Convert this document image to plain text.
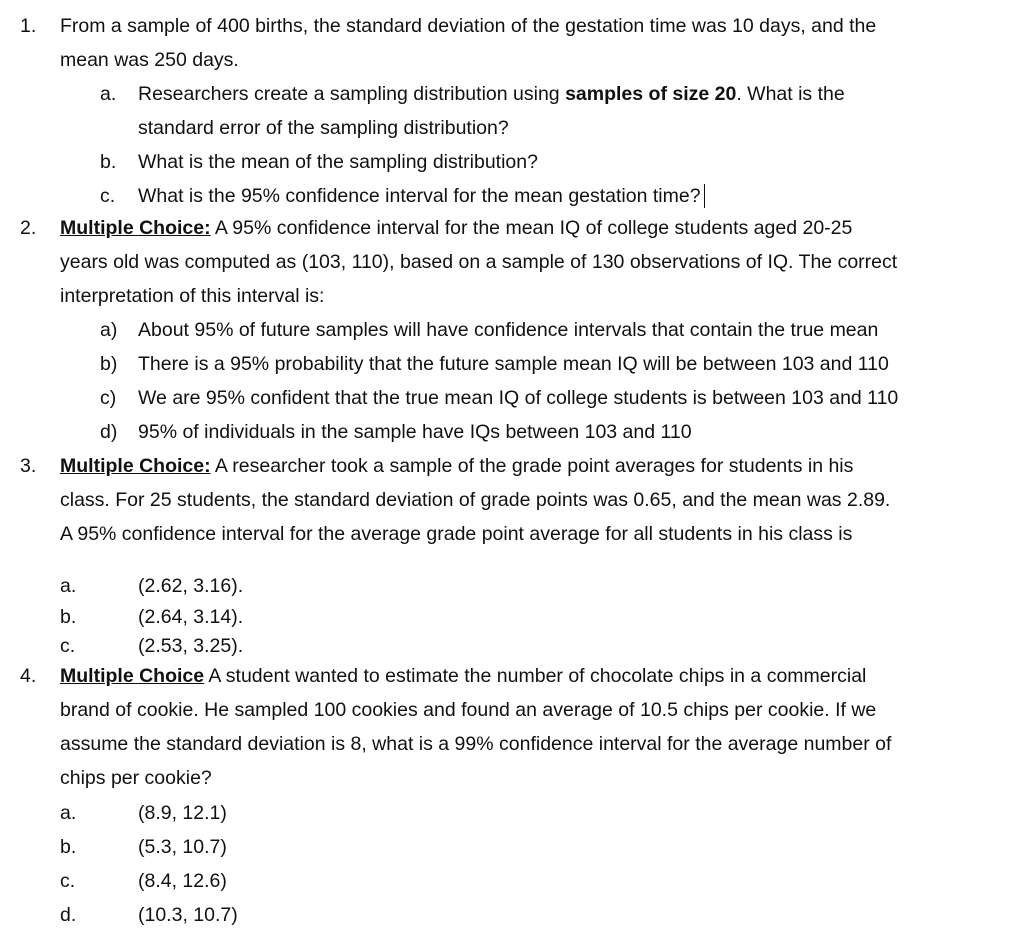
1. From a sample of 400 births, the standard deviation of the gestation time was 10 days, and the
mean was 250 days.
a. Researchers create a sampling distribution using samples of size 20. What is the
standard error of the sampling distribution?
b. What is the mean of the sampling distribution?
c. What is the 95% confidence interval for the mean gestation time?
2. Multiple Choice: A 95% confidence interval for the mean IQ of college students aged 20-25
years old was computed as (103, 110), based on a sample of 130 observations of IQ. The correct
interpretation of this interval is:
a) About 95% of future samples will have confidence intervals that contain the true mean
b) There is a 95% probability that the future sample mean IQ will be between 103 and 110
c) We are 95% confident that the true mean IQ of college students is between 103 and 110
d) 95% of individuals in the sample have IQs between 103 and 110
3. Multiple Choice: A researcher took a sample of the grade point averages for students in his
class. For 25 students, the standard deviation of grade points was 0.65, and the mean was 2.89.
A 95% confidence interval for the average grade point average for all students in his class is
a.	(2.62, 3.16).
b.	(2.64, 3.14).
c.	(2.53, 3.25).
4. Multiple Choice A student wanted to estimate the number of chocolate chips in a commercial
brand of cookie. He sampled 100 cookies and found an average of 10.5 chips per cookie. If we
assume the standard deviation is 8, what is a 99% confidence interval for the average number of
chips per cookie?
a.	(8.9, 12.1)
b.	(5.3, 10.7)
c.	(8.4, 12.6)
d.	(10.3, 10.7)
